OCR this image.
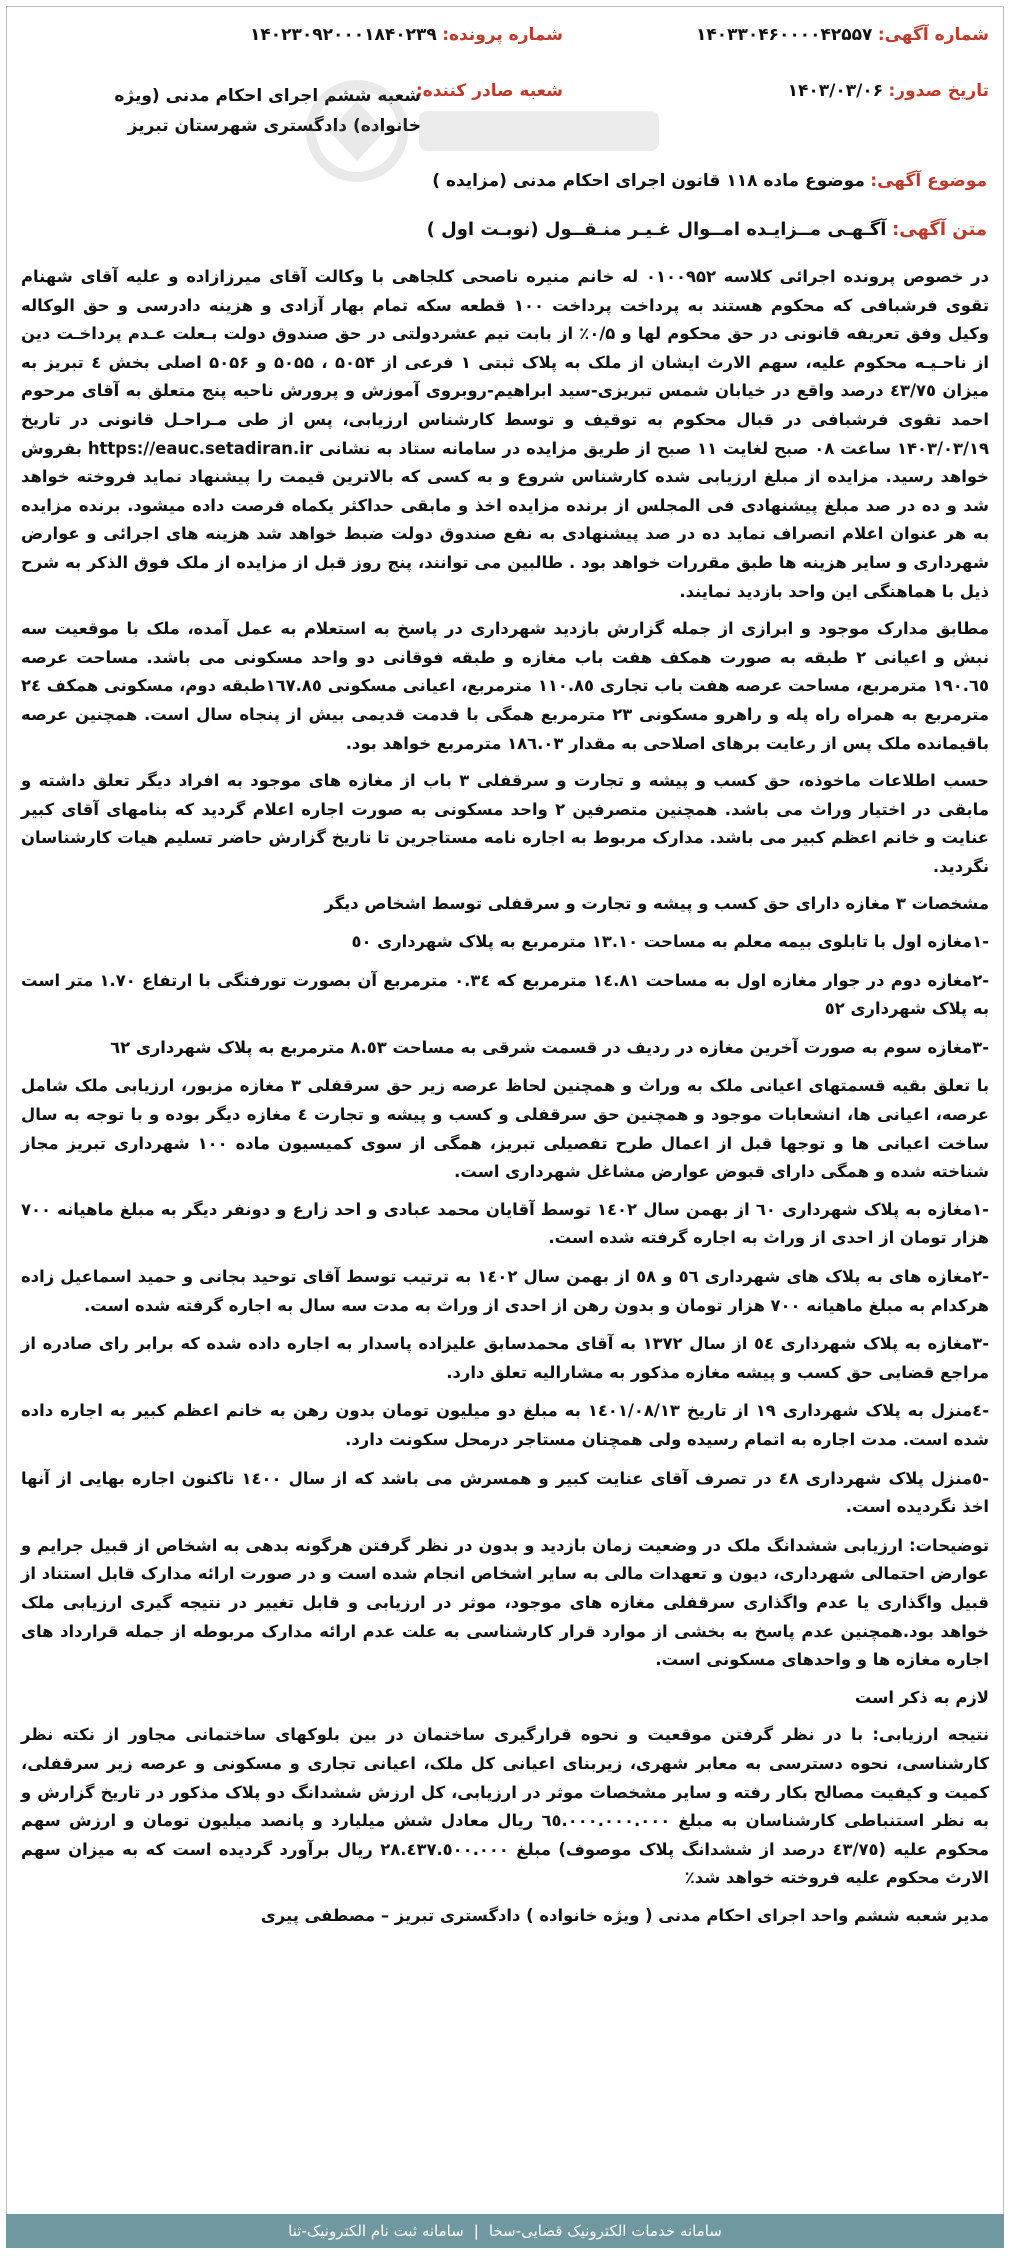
شماره آگهی: ۱۴۰۳۳۰۴۶۰۰۰۰۴۲۵۵۷
شماره پرونده: ۱۴۰۲۳۰۹۲۰۰۰۱۸۴۰۲۳۹
تاریخ صدور: ۱۴۰۳/۰۳/۰۶
شعبه صادر کننده:
شعبه ششم اجرای احکام مدنی (ویژه خانواده) دادگستری شهرستان تبریز
موضوع آگهی: موضوع ماده ۱۱۸ قانون اجرای احکام مدنی (مزایده )
متن آگهی: آگـهـی مــزایـده امــوال غـیـر منـقــول (نوبـت اول )

در خصوص پرونده اجرائی کلاسه ۰۱۰۰۹۵۲ له خانم منیره ناصحی کلجاهی با وکالت آقای میرزازاده و علیه آقای شهنام تقوی فرشبافی که محکوم هستند به پرداخت پرداخت ۱۰۰ قطعه سکه تمام بهار آزادی و هزینه دادرسی و حق الوکاله وکیل وفق تعریفه قانونی در حق محکوم لها و ۰/۵٪ از بابت نیم عشردولتی در حق صندوق دولت بـعلت عـدم پرداخـت دین از ناحـیـه محکوم علیه، سهم الارث ایشان از ملک به پلاک ثبتی ۱ فرعی از ۵۰۵۴ ، ۵۰۵۵ و ۵۰۵۶ اصلی بخش ٤ تبریز به میزان ٤٣/٧٥ درصد واقع در خیابان شمس تبریزی-سید ابراهیم-روبروی آموزش و پرورش ناحیه پنج متعلق به آقای مرحوم احمد تقوی فرشبافی در قبال محکوم به توقیف و توسط کارشناس ارزیابی، پس از طی مـراحـل قانونی در تاریخ ۱۴۰۳/۰۳/۱۹ ساعت ۰۸ صبح لغایت ۱۱ صبح از طریق مزایده در سامانه ستاد به نشانی https://eauc.setadiran.ir بفروش خواهد رسید. مزایده از مبلغ ارزیابی شده کارشناس شروع و به کسی که بالاترین قیمت را پیشنهاد نماید فروخته خواهد شد و ده در صد مبلغ پیشنهادی فی المجلس از برنده مزایده اخذ و مابقی حداکثر یکماه فرصت داده میشود. برنده مزایده به هر عنوان اعلام انصراف نماید ده در صد پیشنهادی به نفع صندوق دولت ضبط خواهد شد هزینه های اجرائی و عوارض شهرداری و سایر هزینه ها طبق مقررات خواهد بود . طالبین می توانند، پنج روز قبل از مزایده از ملک فوق الذکر به شرح ذیل با هماهنگی این واحد بازدید نمایند.

مطابق مدارک موجود و ابرازی از جمله گزارش بازدید شهرداری در پاسخ به استعلام به عمل آمده، ملک با موقعیت سه نبش و اعیانی ۲ طبقه به صورت همکف هفت باب مغازه و طبقه فوقانی دو واحد مسکونی می باشد. مساحت عرصه ۱۹۰.٦٥ مترمربع، مساحت عرصه هفت باب تجاری ۱۱۰.۸٥ مترمربع، اعیانی مسکونی ۱٦٧.۸٥طبقه دوم، مسکونی همکف ٢٤ مترمربع به همراه راه پله و راهرو مسکونی ٢٣ مترمربع همگی با قدمت قدیمی بیش از پنجاه سال است. همچنین عرصه باقیمانده ملک پس از رعایت برهای اصلاحی به مقدار ۱۸٦.۰۳ مترمربع خواهد بود.

حسب اطلاعات ماخوذه، حق کسب و پیشه و تجارت و سرقفلی ۳ باب از مغازه های موجود به افراد دیگر تعلق داشته و مابقی در اختیار وراث می باشد. همچنین متصرفین ۲ واحد مسکونی به صورت اجاره اعلام گردید که بنامهای آقای کبیر عنایت و خانم اعظم کبیر می باشد. مدارک مربوط به اجاره نامه مستاجرین تا تاریخ گزارش حاضر تسلیم هیات کارشناسان نگردید.

مشخصات ۳ مغازه دارای حق کسب و پیشه و تجارت و سرقفلی توسط اشخاص دیگر

-۱مغازه اول با تابلوی بیمه معلم به مساحت ۱۳.۱۰ مترمربع به پلاک شهرداری ٥۰

-۲مغازه دوم در جوار مغازه اول به مساحت ۱٤.۸۱ مترمربع که ۰.۳٤ مترمربع آن بصورت تورفتگی با ارتفاع ۱.۷۰ متر است به پلاک شهرداری ٥٢

-۳مغازه سوم به صورت آخرین مغازه در ردیف در قسمت شرقی به مساحت ۸.٥٣ مترمربع به پلاک شهرداری ٦٢

با تعلق بقیه قسمتهای اعیانی ملک به وراث و همچنین لحاظ عرصه زیر حق سرقفلی ۳ مغازه مزبور، ارزیابی ملک شامل عرصه، اعیانی ها، انشعابات موجود و همچنین حق سرقفلی و کسب و پیشه و تجارت ٤ مغازه دیگر بوده و با توجه به سال ساخت اعیانی ها و توجها قبل از اعمال طرح تفصیلی تبریز، همگی از سوی کمیسیون ماده ۱۰۰ شهرداری تبریز مجاز شناخته شده و همگی دارای قبوض عوارض مشاغل شهرداری است.

-۱مغازه به پلاک شهرداری ٦۰ از بهمن سال ۱٤۰۲ توسط آقایان محمد عبادی و احد زارع و دونفر دیگر به مبلغ ماهیانه ۷۰۰ هزار تومان از احدی از وراث به اجاره گرفته شده است.

-۲مغازه های به پلاک های شهرداری ٥٦ و ٥۸ از بهمن سال ۱٤۰۲ به ترتیب توسط آقای توحید بجانی و حمید اسماعیل زاده هرکدام به مبلغ ماهیانه ۷۰۰ هزار تومان و بدون رهن از احدی از وراث به مدت سه سال به اجاره گرفته شده است.

-۳مغازه به پلاک شهرداری ٥٤ از سال ۱۳۷۲ به آقای محمدسابق علیزاده پاسدار به اجاره داده شده که برابر رای صادره از مراجع قضایی حق کسب و پیشه مغازه مذکور به مشارالیه تعلق دارد.

-٤منزل به پلاک شهرداری ۱۹ از تاریخ ۱٤۰۱/۰۸/۱۳ به مبلغ دو میلیون تومان بدون رهن به خانم اعظم کبیر به اجاره داده شده است. مدت اجاره به اتمام رسیده ولی همچنان مستاجر درمحل سکونت دارد.

-٥منزل پلاک شهرداری ٤۸ در تصرف آقای عنایت کبیر و همسرش می باشد که از سال ۱٤۰۰ تاکنون اجاره بهایی از آنها اخذ نگردیده است.

توضیحات: ارزیابی ششدانگ ملک در وضعیت زمان بازدید و بدون در نظر گرفتن هرگونه بدهی به اشخاص از قبیل جرایم و عوارض احتمالی شهرداری، دیون و تعهدات مالی به سایر اشخاص انجام شده است و در صورت ارائه مدارک قابل استناد از قبیل واگذاری یا عدم واگذاری سرقفلی مغازه های موجود، موثر در ارزیابی و قابل تغییر در نتیجه گیری ارزیابی ملک خواهد بود.همچنین عدم پاسخ به بخشی از موارد قرار کارشناسی به علت عدم ارائه مدارک مربوطه از جمله قرارداد های اجاره مغازه ها و واحدهای مسکونی است.

لازم به ذکر است

نتیجه ارزیابی: با در نظر گرفتن موقعیت و نحوه قرارگیری ساختمان در بین بلوکهای ساختمانی مجاور از نکته نظر کارشناسی، نحوه دسترسی به معابر شهری، زیربنای اعیانی کل ملک، اعیانی تجاری و مسکونی و عرصه زیر سرقفلی، کمیت و کیفیت مصالح بکار رفته و سایر مشخصات موثر در ارزیابی، کل ارزش ششدانگ دو پلاک مذکور در تاریخ گزارش و به نظر استنباطی کارشناسان به مبلغ ٦٥.۰۰۰.۰۰۰.۰۰۰ ریال معادل شش میلیارد و پانصد میلیون تومان و ارزش سهم محکوم علیه (٤٣/٧٥ درصد از ششدانگ پلاک موصوف) مبلغ ٢٨.٤٣٧.٥۰۰.۰۰۰ ریال برآورد گردیده است که به میزان سهم الارث محکوم علیه فروخته خواهد شد٪

مدیر شعبه ششم واحد اجرای احکام مدنی ( ویژه خانواده ) دادگستری تبریز – مصطفی پیری

سامانه خدمات الکترونیک قضایی-سخا
|
سامانه ثبت نام الکترونیک-ثنا
